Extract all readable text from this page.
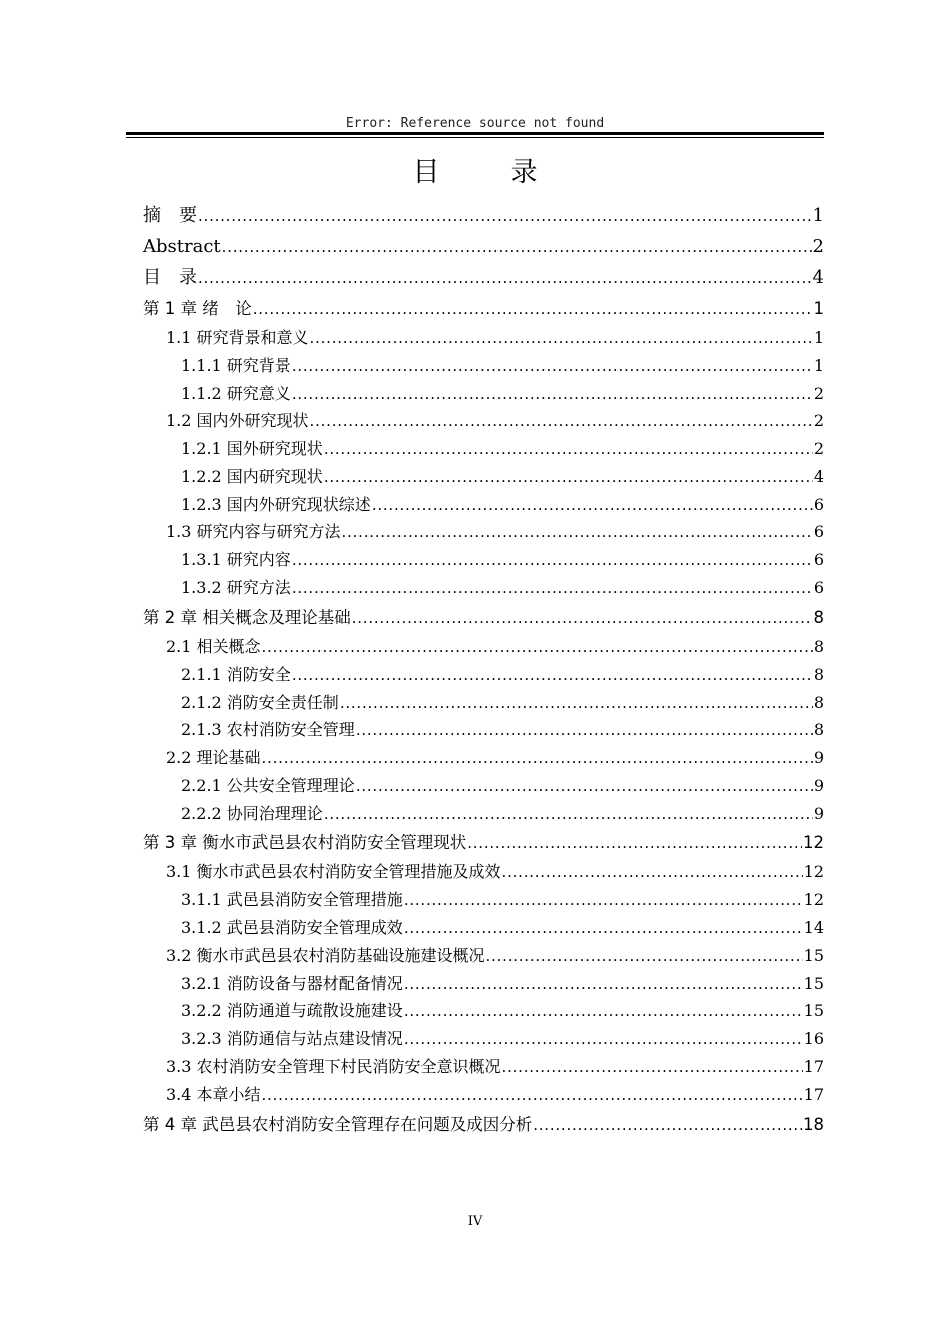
Error: Reference source not found
目　录
摘　要 . . .	1
Abstract . . .	2
目　录 . . .	4
第 1 章 绪　论 . . .	1
1.1 研究背景和意义 . . .	1
1.1.1 研究背景 . . .	1
1.1.2 研究意义 . . .	2
1.2 国内外研究现状 . . .	2
1.2.1 国外研究现状 . . .	2
1.2.2 国内研究现状 . . .	4
1.2.3 国内外研究现状综述 . . .	6
1.3 研究内容与研究方法 . . .	6
1.3.1 研究内容 . . .	6
1.3.2 研究方法 . . .	6
第 2 章 相关概念及理论基础 . . .	8
2.1 相关概念 . . .	8
2.1.1 消防安全 . . .	8
2.1.2 消防安全责任制 . . .	8
2.1.3 农村消防安全管理 . . .	8
2.2 理论基础 . . .	9
2.2.1 公共安全管理理论 . . .	9
2.2.2 协同治理理论 . . .	9
第 3 章 衡水市武邑县农村消防安全管理现状 . . .	12
3.1 衡水市武邑县农村消防安全管理措施及成效 . . .	12
3.1.1 武邑县消防安全管理措施 . . .	12
3.1.2 武邑县消防安全管理成效 . . .	14
3.2 衡水市武邑县农村消防基础设施建设概况 . . .	15
3.2.1 消防设备与器材配备情况 . . .	15
3.2.2 消防通道与疏散设施建设 . . .	15
3.2.3 消防通信与站点建设情况 . . .	16
3.3 农村消防安全管理下村民消防安全意识概况 . . .	17
3.4 本章小结 . . .	17
第 4 章 武邑县农村消防安全管理存在问题及成因分析 . . .	18
IV
